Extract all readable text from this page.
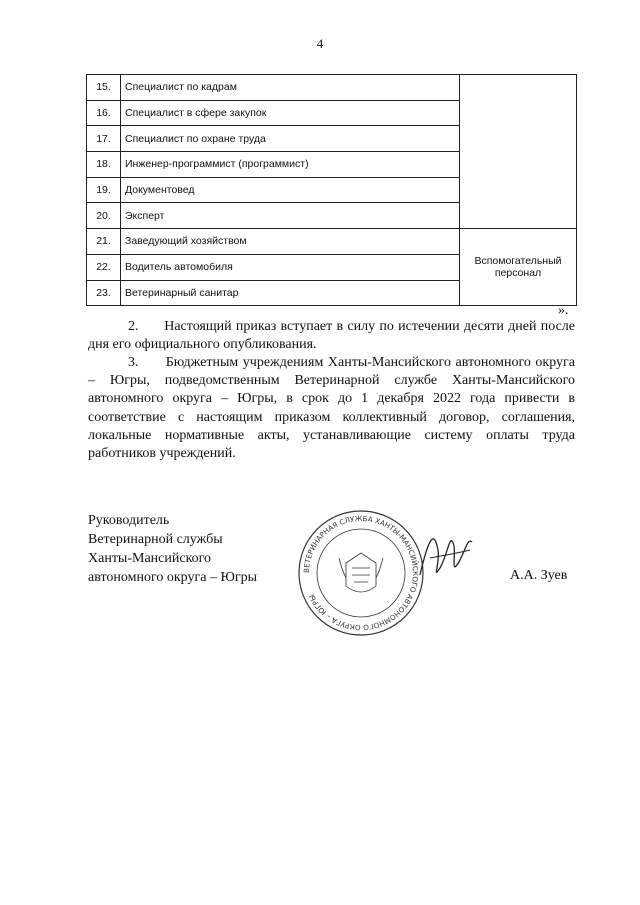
4
15.	Специалист по кадрам	
16.	Специалист в сфере закупок	
17.	Специалист по охране труда	
18.	Инженер-программист (программист)	
19.	Документовед	
20.	Эксперт	
21.	Заведующий хозяйством	Вспомогательный персонал
22.	Водитель автомобиля	
23.	Ветеринарный санитар	
».
2.      Настоящий приказ вступает в силу по истечении десяти дней после дня его официального опубликования.
3.      Бюджетным учреждениям Ханты-Мансийского автономного округа – Югры, подведомственным Ветеринарной службе Ханты-Мансийского автономного округа – Югры, в срок до 1 декабря 2022 года привести в соответствие с настоящим приказом коллективный договор, соглашения, локальные нормативные акты, устанавливающие систему оплаты труда работников учреждений.
Руководитель
Ветеринарной службы
Ханты-Мансийского
автономного округа – Югры	ВЕТЕРИНАРНАЯ СЛУЖБА ХАНТЫ-МАНСИЙСКОГО АВТОНОМНОГО ОКРУГА – ЮГРЫ
А.А. Зуев
